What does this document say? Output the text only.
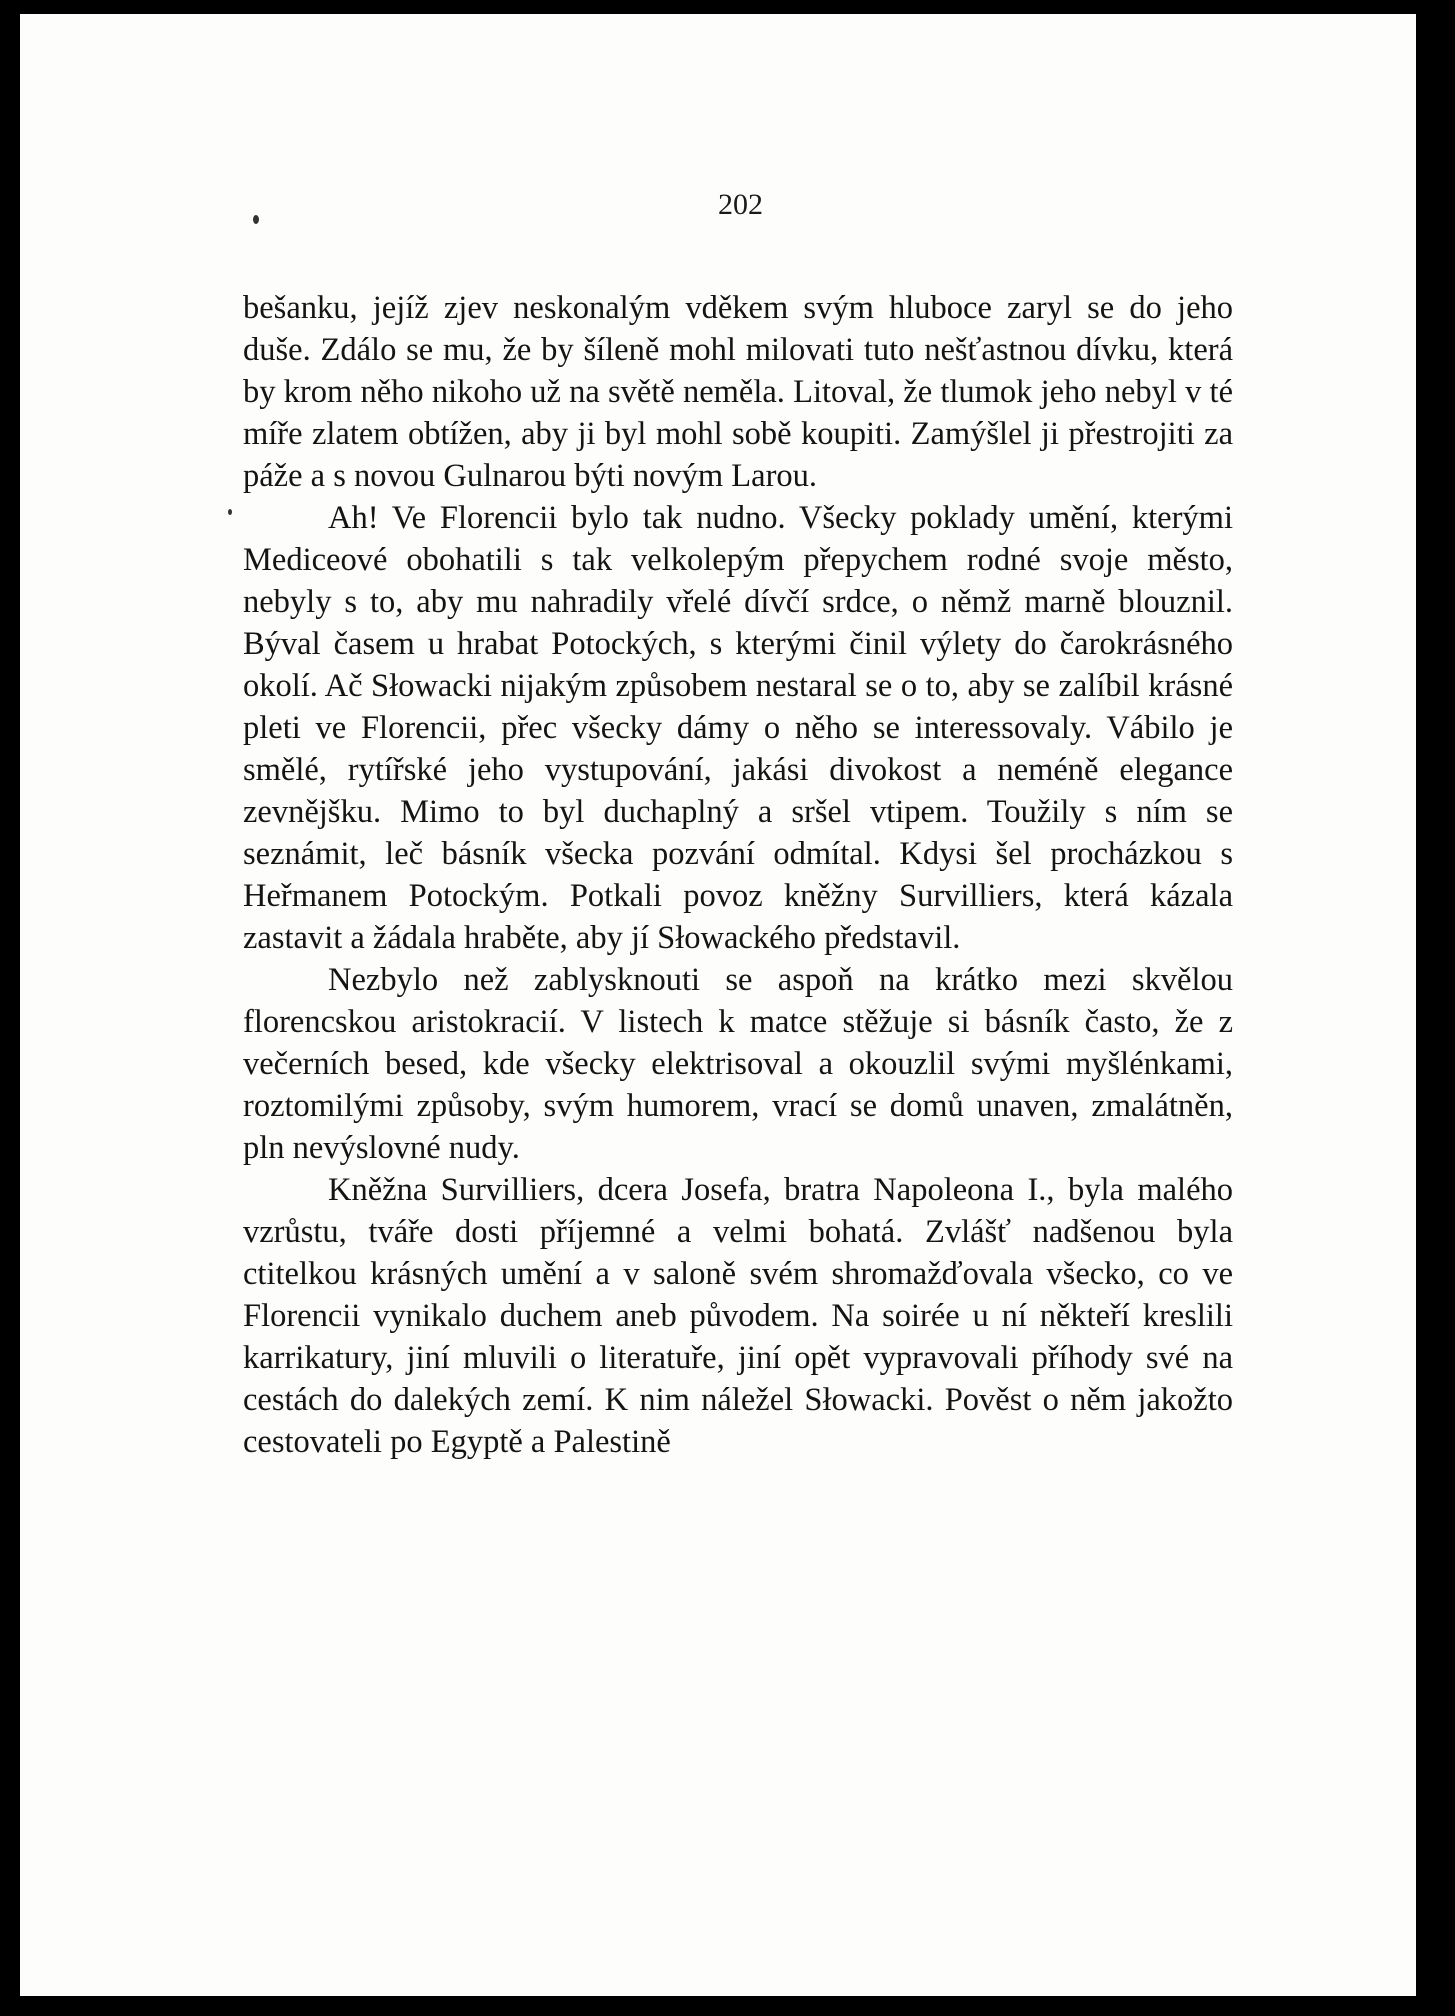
202

bešanku, jejíž zjev neskonalým vděkem svým hluboce zaryl se do jeho duše. Zdálo se mu, že by šíleně mohl milovati tuto nešťastnou dívku, která by krom něho nikoho už na světě neměla. Litoval, že tlumok jeho nebyl v té míře zlatem obtížen, aby ji byl mohl sobě koupiti. Zamýšlel ji přestrojiti za páže a s novou Gulnarou býti novým Larou.

Ah! Ve Florencii bylo tak nudno. Všecky poklady umění, kterými Mediceové obohatili s tak velkolepým přepychem rodné svoje město, nebyly s to, aby mu nahradily vřelé dívčí srdce, o němž marně blouznil. Býval časem u hrabat Potockých, s kterými činil výlety do čarokrásného okolí. Ač Słowacki nijakým způsobem nestaral se o to, aby se zalíbil krásné pleti ve Florencii, přec všecky dámy o něho se interessovaly. Vábilo je smělé, rytířské jeho vystupování, jakási divokost a neméně elegance zevnějšku. Mimo to byl duchaplný a sršel vtipem. Toužily s ním se seznámit, leč básník všecka pozvání odmítal. Kdysi šel procházkou s Heřmanem Potockým. Potkali povoz kněžny Survilliers, která kázala zastavit a žádala hraběte, aby jí Słowackého představil.

Nezbylo než zablysknouti se aspoň na krátko mezi skvělou florencskou aristokracií. V listech k matce stěžuje si básník často, že z večerních besed, kde všecky elektrisoval a okouzlil svými myšlénkami, roztomilými způsoby, svým humorem, vrací se domů unaven, zmalátněn, pln nevýslovné nudy.

Kněžna Survilliers, dcera Josefa, bratra Napoleona I., byla malého vzrůstu, tváře dosti příjemné a velmi bohatá. Zvlášť nadšenou byla ctitelkou krásných umění a v saloně svém shromažďovala všecko, co ve Florencii vynikalo duchem aneb původem. Na soirée u ní někteří kreslili karrikatury, jiní mluvili o literatuře, jiní opět vypravovali příhody své na cestách do dalekých zemí. K nim náležel Słowacki. Pověst o něm jakožto cestovateli po Egyptě a Palestině
